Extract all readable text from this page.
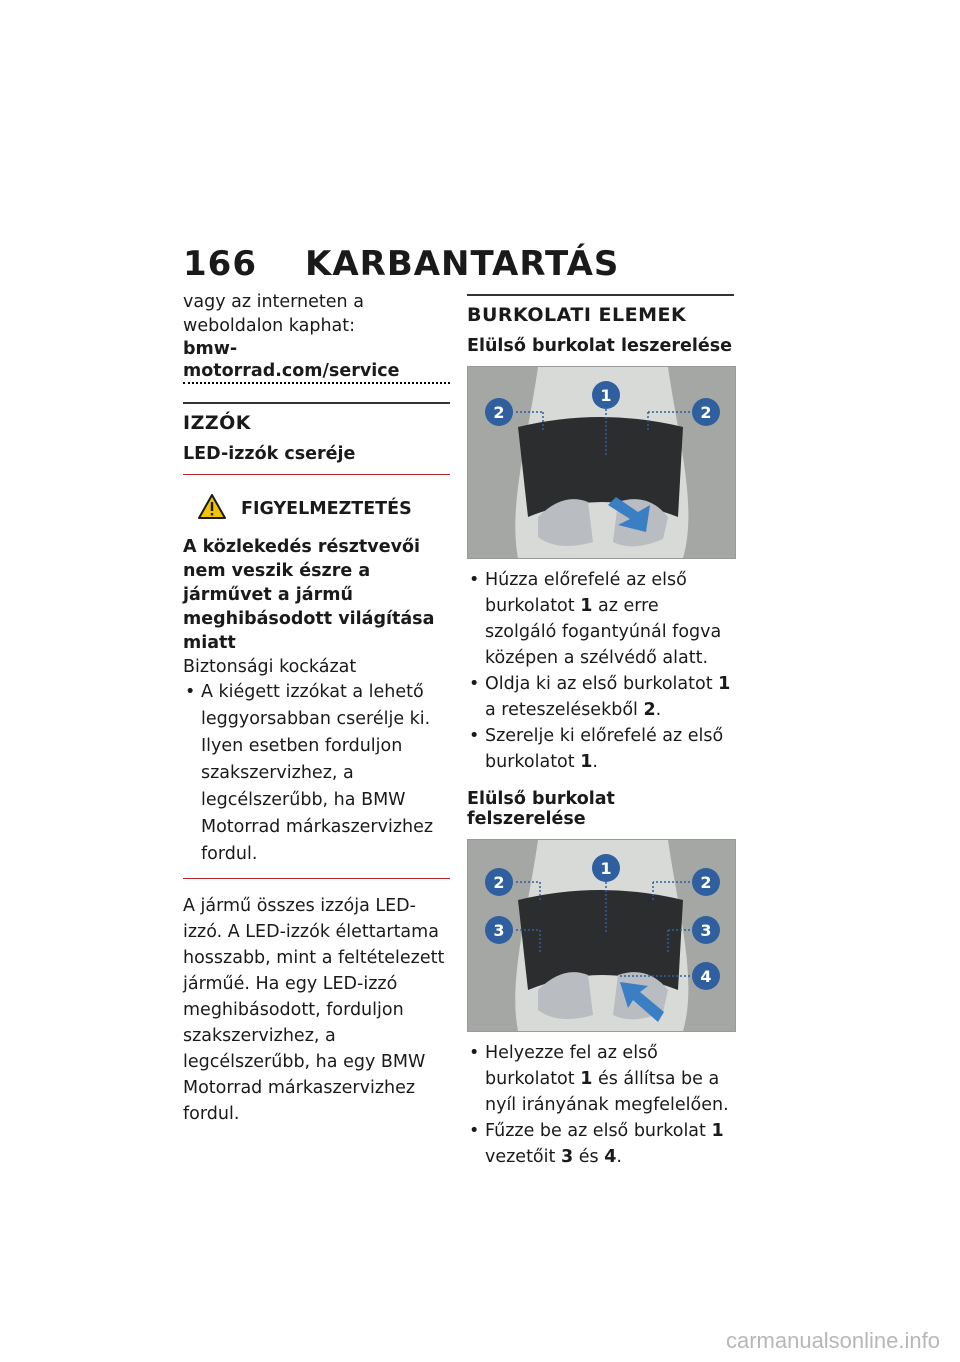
166 KARBANTARTÁS
vagy az interneten a weboldalon kaphat:
bmw-motorrad.com/service
IZZÓK
LED-izzók cseréje
FIGYELMEZTETÉS
A közlekedés résztvevői nem veszik észre a járművet a jármű meghibásodott világítása miatt
Biztonsági kockázat
• A kiégett izzókat a lehető leggyorsabban cserélje ki. Ilyen esetben forduljon szakszervizhez, a legcélszerűbb, ha BMW Motorrad márkaszervizhez fordul.
A jármű összes izzója LED-izzó. A LED-izzók élettartama hosszabb, mint a feltételezett járműé. Ha egy LED-izzó meghibásodott, forduljon szakszervizhez, a legcélszerűbb, ha egy BMW Motorrad márkaszervizhez fordul.
BURKOLATI ELEMEK
Elülső burkolat leszerelése
2
1
2
• Húzza előrefelé az első burkolatot 1 az erre szolgáló fogantyúnál fogva középen a szélvédő alatt.
• Oldja ki az első burkolatot 1 a reteszelésekből 2.
• Szerelje ki előrefelé az első burkolatot 1.
Elülső burkolat felszerelése
1
2	2
3	3
4
• Helyezze fel az első burkolatot 1 és állítsa be a nyíl irányának megfelelően.
• Fűzze be az első burkolat 1 vezetőit 3 és 4.
carmanualsonline.info
